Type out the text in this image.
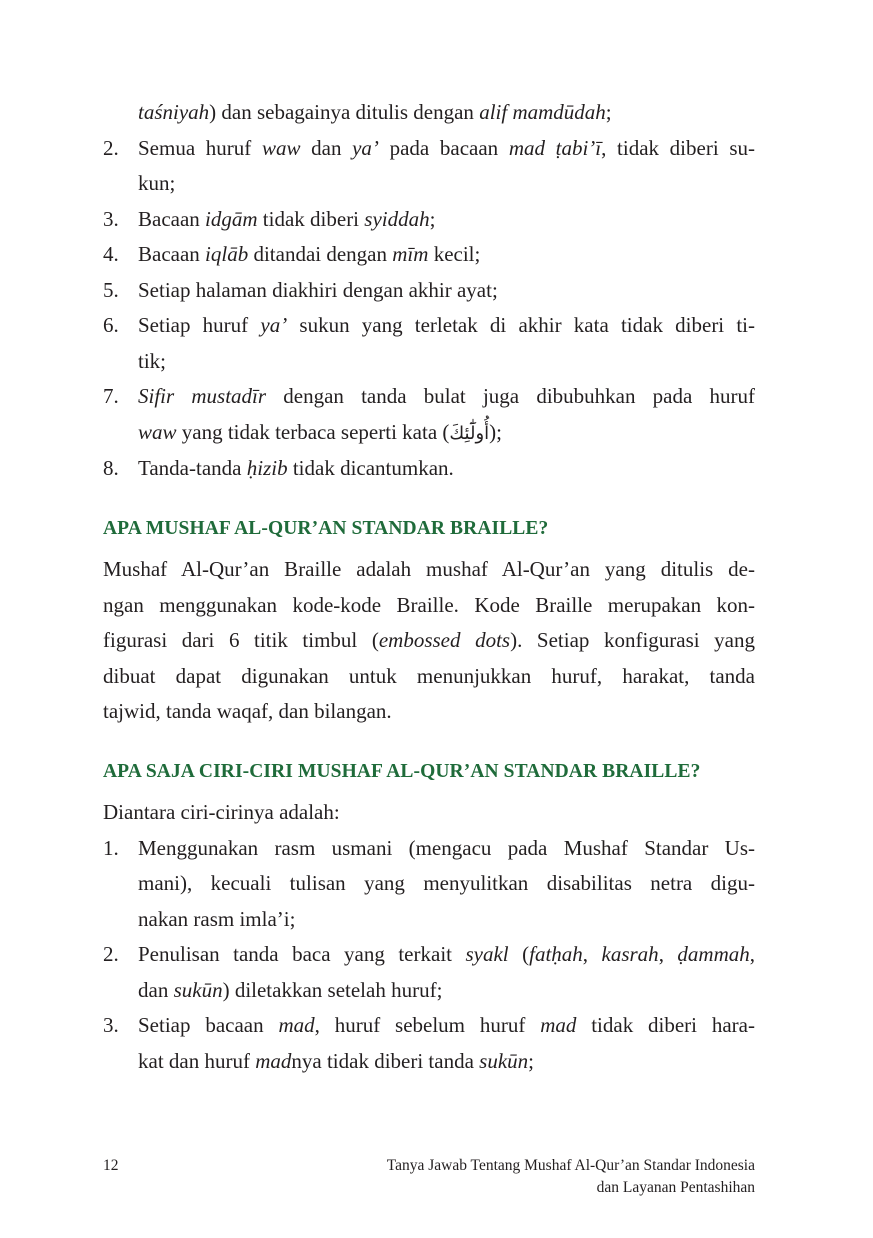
taśniyah) dan sebagainya ditulis dengan alif mamdūdah;
2. Semua huruf waw dan ya’ pada bacaan mad ṭabi’ī, tidak diberi su-
kun;
3. Bacaan idgām tidak diberi syiddah;
4. Bacaan iqlāb ditandai dengan mīm kecil;
5. Setiap halaman diakhiri dengan akhir ayat;
6. Setiap huruf ya’ sukun yang terletak di akhir kata tidak diberi ti-
tik;
7. Sifir mustadīr dengan tanda bulat juga dibubuhkan pada huruf
waw yang tidak terbaca seperti kata (أُولَٰٓئِكَ);
8. Tanda-tanda ḥizib tidak dicantumkan.
APA MUSHAF AL-QUR’AN STANDAR BRAILLE?
Mushaf Al-Qur’an Braille adalah mushaf Al-Qur’an yang ditulis de-
ngan menggunakan kode-kode Braille. Kode Braille merupakan kon-
figurasi dari 6 titik timbul (embossed dots). Setiap konfigurasi yang
dibuat dapat digunakan untuk menunjukkan huruf, harakat, tanda
tajwid, tanda waqaf, dan bilangan.
APA SAJA CIRI-CIRI MUSHAF AL-QUR’AN STANDAR BRAILLE?
Diantara ciri-cirinya adalah:
1. Menggunakan rasm usmani (mengacu pada Mushaf Standar Us-
mani), kecuali tulisan yang menyulitkan disabilitas netra digu-
nakan rasm imla’i;
2. Penulisan tanda baca yang terkait syakl (fatḥah, kasrah, ḍammah,
dan sukūn) diletakkan setelah huruf;
3. Setiap bacaan mad, huruf sebelum huruf mad tidak diberi hara-
kat dan huruf madnya tidak diberi tanda sukūn;
12	Tanya Jawab Tentang Mushaf Al-Qur’an Standar Indonesia
dan Layanan Pentashihan
